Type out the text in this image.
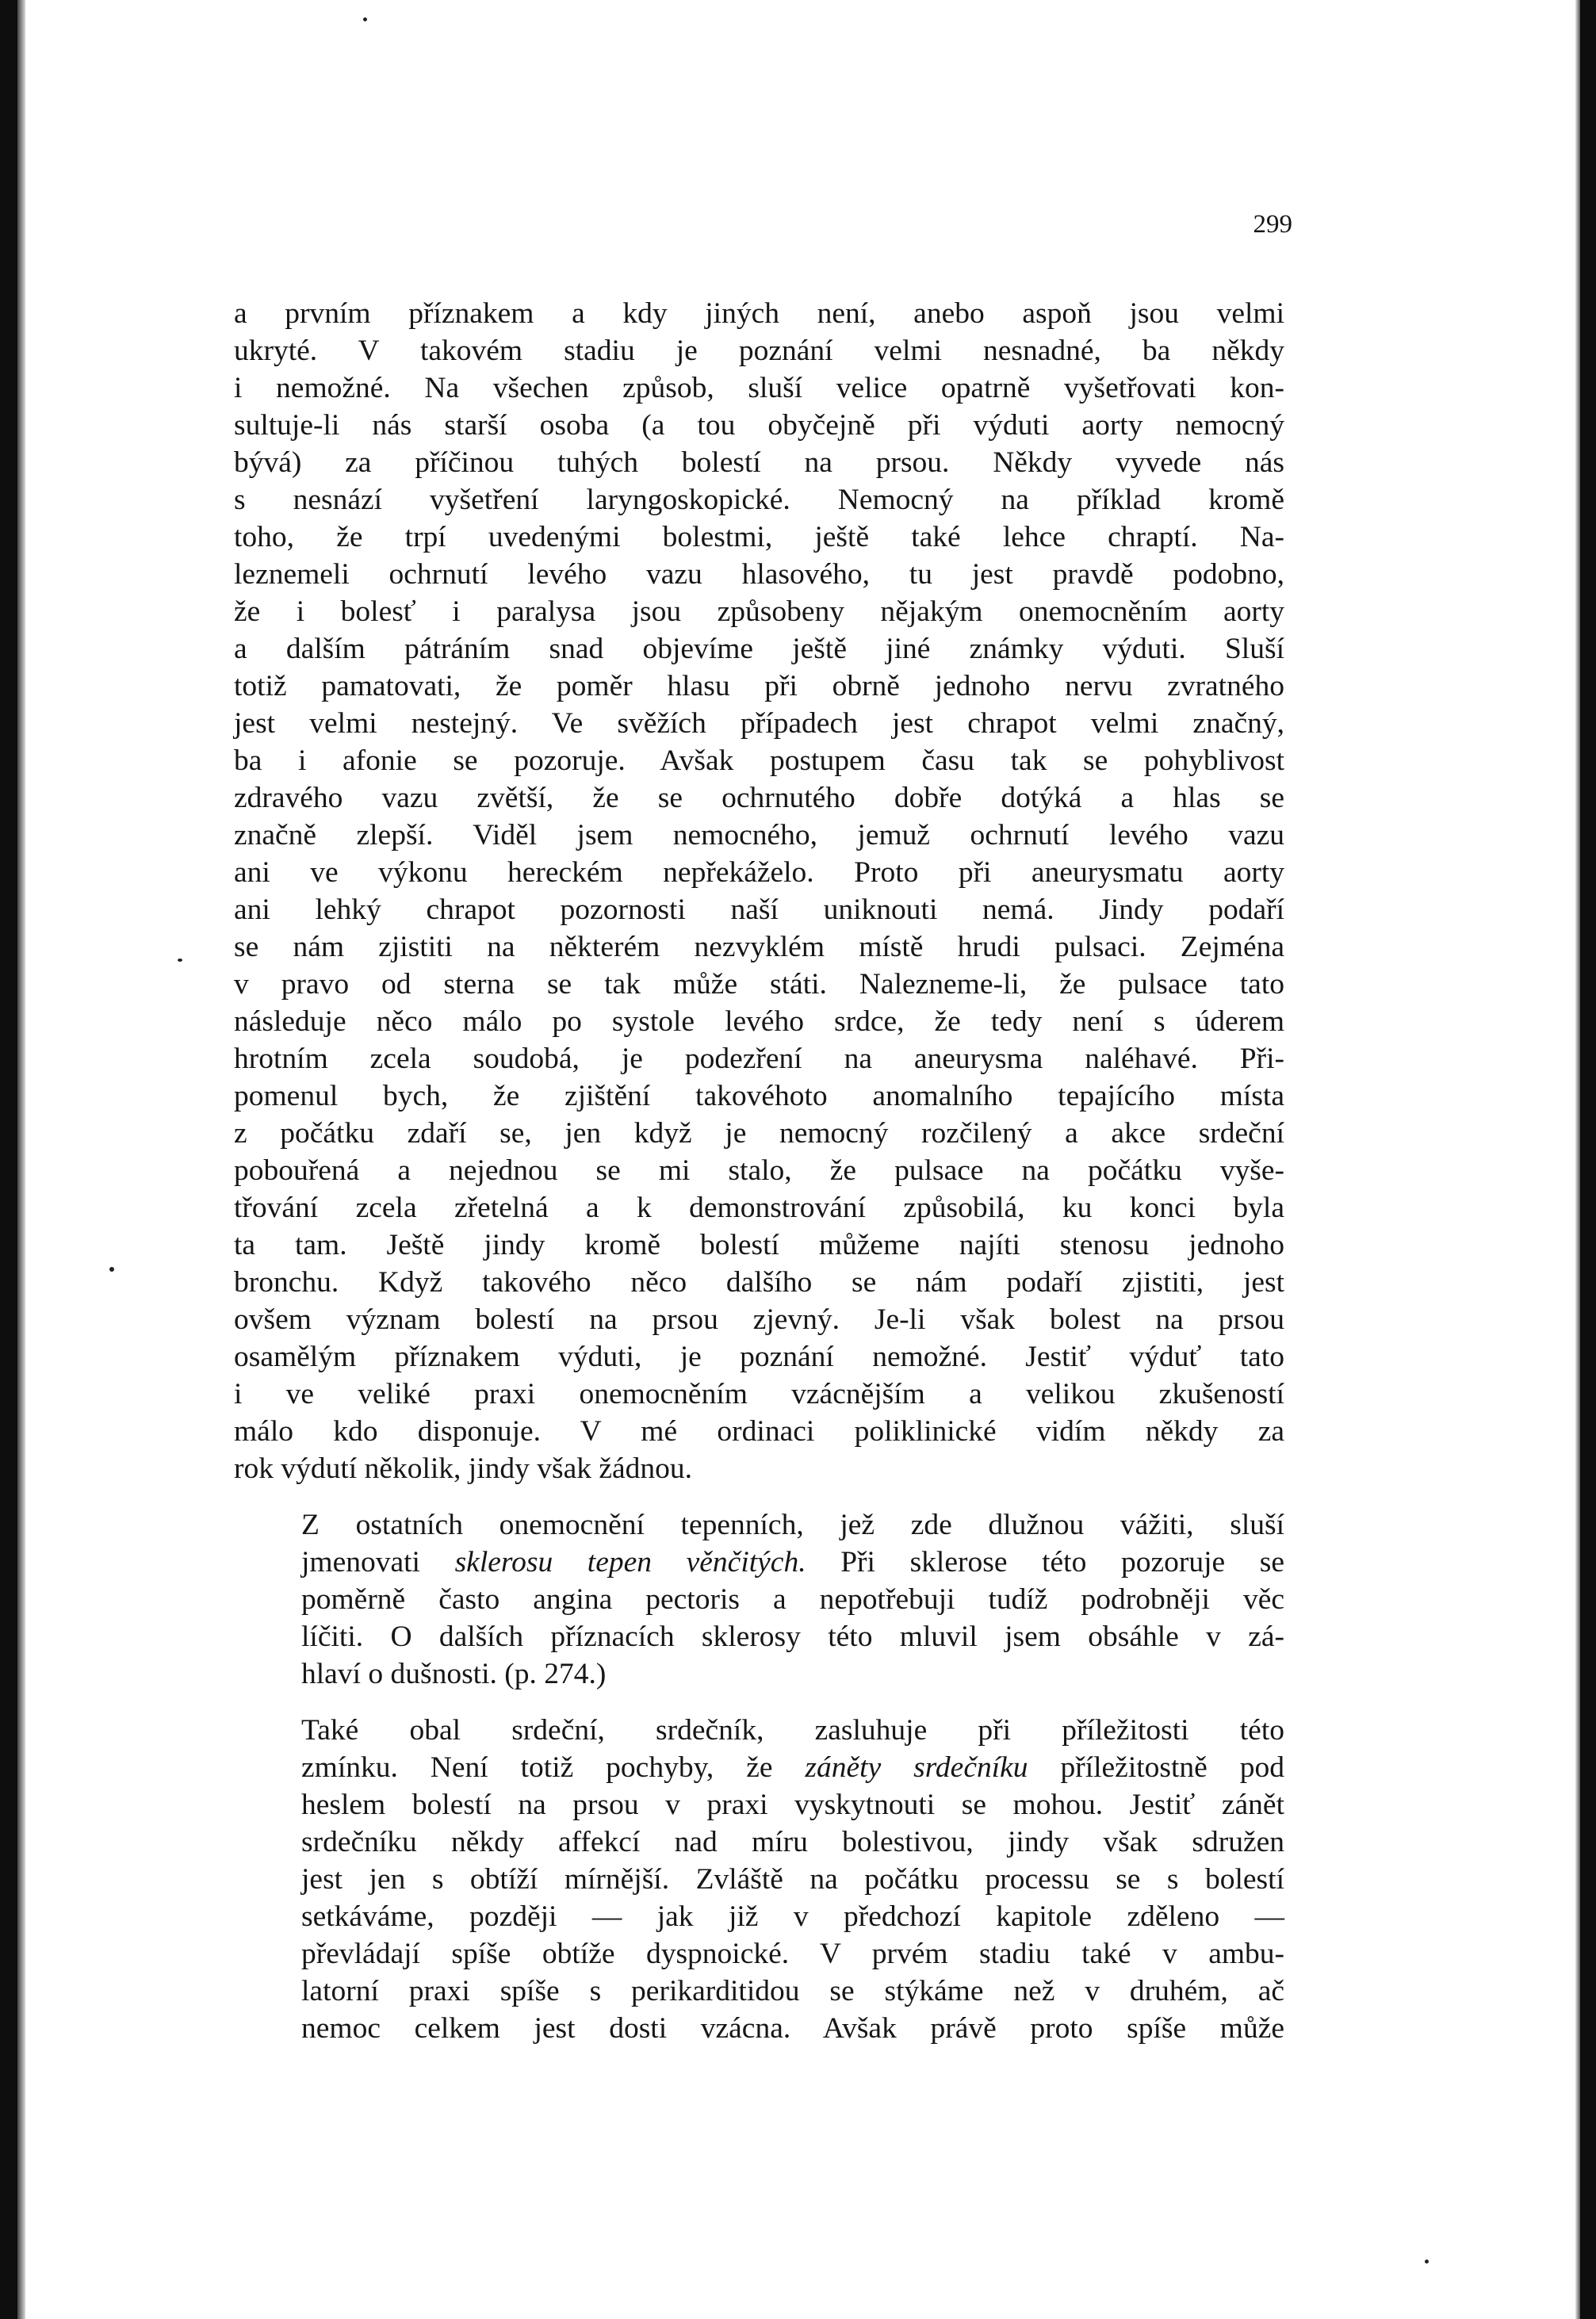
299

a prvním příznakem a kdy jiných není, anebo aspoň jsou velmi
ukryté. V takovém stadiu je poznání velmi nesnadné, ba někdy
i nemožné. Na všechen způsob, sluší velice opatrně vyšetřovati kon-
sultuje-li nás starší osoba (a tou obyčejně při výduti aorty nemocný
bývá) za příčinou tuhých bolestí na prsou. Někdy vyvede nás
s nesnází vyšetření laryngoskopické. Nemocný na příklad kromě
toho, že trpí uvedenými bolestmi, ještě také lehce chraptí. Na-
leznemeli ochrnutí levého vazu hlasového, tu jest pravdě podobno,
že i bolesť i paralysa jsou způsobeny nějakým onemocněním aorty
a dalším pátráním snad objevíme ještě jiné známky výduti. Sluší
totiž pamatovati, že poměr hlasu při obrně jednoho nervu zvratného
jest velmi nestejný. Ve svěžích případech jest chrapot velmi značný,
ba i afonie se pozoruje. Avšak postupem času tak se pohyblivost
zdravého vazu zvětší, že se ochrnutého dobře dotýká a hlas se
značně zlepší. Viděl jsem nemocného, jemuž ochrnutí levého vazu
ani ve výkonu hereckém nepřekáželo. Proto při aneurysmatu aorty
ani lehký chrapot pozornosti naší uniknouti nemá. Jindy podaří
se nám zjistiti na některém nezvyklém místě hrudi pulsaci. Zejména
v pravo od sterna se tak může státi. Nalezneme-li, že pulsace tato
následuje něco málo po systole levého srdce, že tedy není s úderem
hrotním zcela soudobá, je podezření na aneurysma naléhavé. Při-
pomenul bych, že zjištění takovéhoto anomalního tepajícího místa
z počátku zdaří se, jen když je nemocný rozčilený a akce srdeční
pobouřená a nejednou se mi stalo, že pulsace na počátku vyše-
třování zcela zřetelná a k demonstrování způsobilá, ku konci byla
ta tam. Ještě jindy kromě bolestí můžeme najíti stenosu jednoho
bronchu. Když takového něco dalšího se nám podaří zjistiti, jest
ovšem význam bolestí na prsou zjevný. Je-li však bolest na prsou
osamělým příznakem výduti, je poznání nemožné. Jestiť výduť tato
i ve veliké praxi onemocněním vzácnějším a velikou zkušeností
málo kdo disponuje. V mé ordinaci poliklinické vidím někdy za
rok výdutí několik, jindy však žádnou.

Z ostatních onemocnění tepenních, jež zde dlužnou vážiti, sluší
jmenovati sklerosu tepen věnčitých. Při sklerose této pozoruje se
poměrně často angina pectoris a nepotřebuji tudíž podrobněji věc
líčiti. O dalších příznacích sklerosy této mluvil jsem obsáhle v zá-
hlaví o dušnosti. (p. 274.)

Také obal srdeční, srdečník, zasluhuje při příležitosti této
zmínku. Není totiž pochyby, že záněty srdečníku příležitostně pod
heslem bolestí na prsou v praxi vyskytnouti se mohou. Jestiť zánět
srdečníku někdy affekcí nad míru bolestivou, jindy však sdružen
jest jen s obtíží mírnější. Zvláště na počátku processu se s bolestí
setkáváme, později — jak již v předchozí kapitole zděleno —
převládají spíše obtíže dyspnoické. V prvém stadiu také v ambu-
latorní praxi spíše s perikarditidou se stýkáme než v druhém, ač
nemoc celkem jest dosti vzácna. Avšak právě proto spíše může
